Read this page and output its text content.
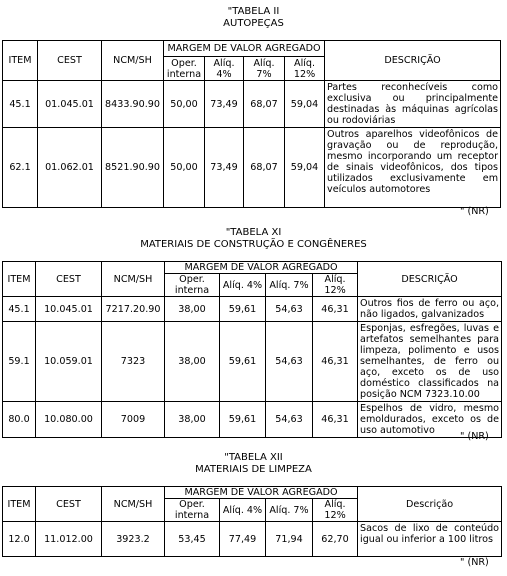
"TABELA II
AUTOPEÇAS
ITEM	CEST	NCM/SH	MARGEM DE VALOR AGREGADO				DESCRIÇÃO
			Oper. interna	Alíq. 4%	Alíq. 7%	Alíq. 12%	
45.1	01.045.01	8433.90.90	50,00	73,49	68,07	59,04	Partes reconhecíveis como exclusiva ou principalmente destinadas às máquinas agrícolas ou rodoviárias
62.1	01.062.01	8521.90.90	50,00	73,49	68,07	59,04	Outros aparelhos videofônicos de gravação ou de reprodução, mesmo incorporando um receptor de sinais videofônicos, dos tipos utilizados exclusivamente em veículos automotores
" (NR)
"TABELA XI
MATERIAIS DE CONSTRUÇÃO E CONGÊNERES
ITEM	CEST	NCM/SH	MARGEM DE VALOR AGREGADO				DESCRIÇÃO
			Oper. interna	Alíq. 4%	Alíq. 7%	Alíq. 12%	
45.1	10.045.01	7217.20.90	38,00	59,61	54,63	46,31	Outros fios de ferro ou aço, não ligados, galvanizados
59.1	10.059.01	7323	38,00	59,61	54,63	46,31	Esponjas, esfregões, luvas e artefatos semelhantes para limpeza, polimento e usos semelhantes, de ferro ou aço, exceto os de uso doméstico classificados na posição NCM 7323.10.00
80.0	10.080.00	7009	38,00	59,61	54,63	46,31	Espelhos de vidro, mesmo emoldurados, exceto os de uso automotivo
" (NR)
"TABELA XII
MATERIAIS DE LIMPEZA
ITEM	CEST	NCM/SH	MARGEM DE VALOR AGREGADO				Descrição
			Oper. interna	Alíq. 4%	Alíq. 7%	Alíq. 12%	
12.0	11.012.00	3923.2	53,45	77,49	71,94	62,70	Sacos de lixo de conteúdo igual ou inferior a 100 litros
" (NR)
